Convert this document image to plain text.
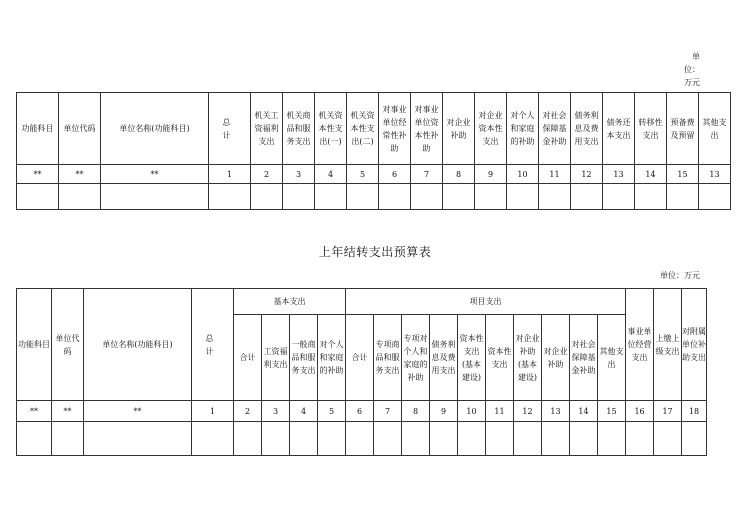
单
位：
万元
功能科目	单位代码	单位名称(功能科目)	总　计	机关工资福利支出	机关商品和服务支出	机关资本性支出(一)	机关资本性支出(二)	对事业单位经常性补助	对事业单位资本性补助	对企业补助	对企业资本性支出	对个人和家庭的补助	对社会保障基金补助	债务利息及费用支出	债务还本支出	转移性支出	预备费及预留	其他支出
**	**	**	1	2	3	4	5	6	7	8	9	10	11	12	13	14	15	13

上年结转支出预算表
单位：万元
功能科目	单位代码	单位名称(功能科目)	总　计	基本支出				项目支出										事业单位经营支出	上缴上级支出	对附属单位补助支出
				合计	工资福利支出	一般商品和服务支出	对个人和家庭的补助	合计	专项商品和服务支出	专项对个人和家庭的补助	债务利息及费用支出	资本性支出(基本建设)	资本性支出	对企业补助(基本建设)	对企业补助	对社会保障基金补助	其他支出			
**	**	**	1	2	3	4	5	6	7	8	9	10	11	12	13	14	15	16	17	18
